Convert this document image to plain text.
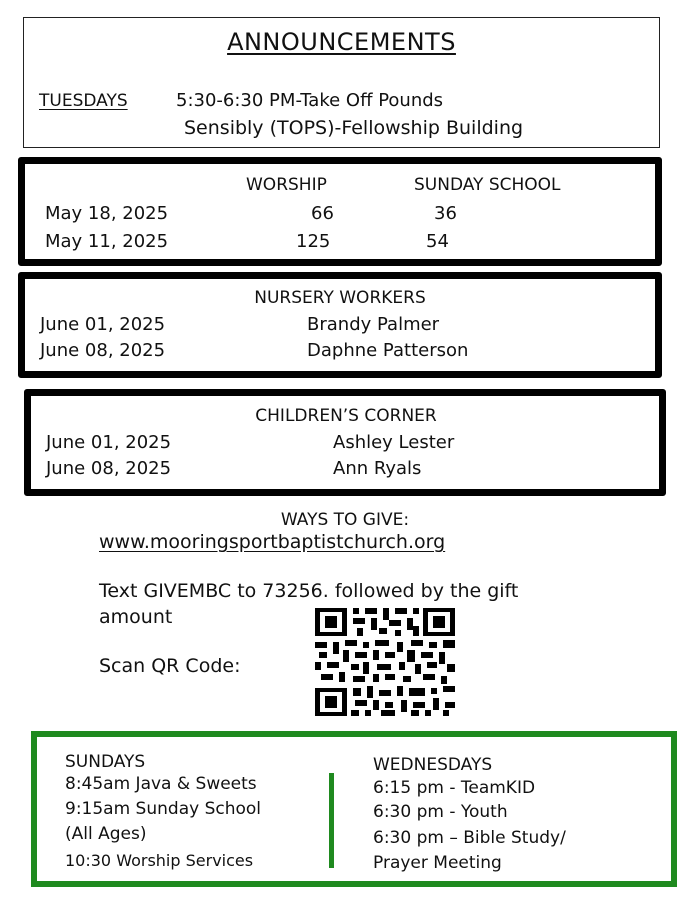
ANNOUNCEMENTS
TUESDAYS	5:30-6:30 PM-Take Off Pounds
Sensibly (TOPS)-Fellowship Building
WORSHIP	SUNDAY SCHOOL
May 18, 2025	66	36
May 11, 2025	125	54
NURSERY WORKERS
June 01, 2025	Brandy Palmer
June 08, 2025	Daphne Patterson
CHILDREN’S CORNER
June 01, 2025	Ashley Lester
June 08, 2025	Ann Ryals
WAYS TO GIVE:
www.mooringsportbaptistchurch.org
Text GIVEMBC to 73256. followed by the gift
amount
Scan QR Code:
SUNDAYS
8:45am Java & Sweets
9:15am Sunday School
(All Ages)
10:30 Worship Services
WEDNESDAYS
6:15 pm - TeamKID
6:30 pm - Youth
6:30 pm – Bible Study/
Prayer Meeting
